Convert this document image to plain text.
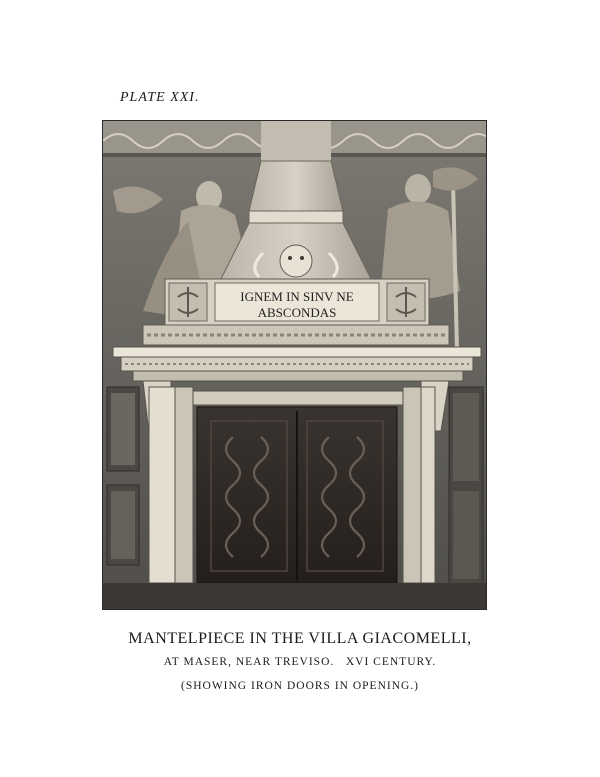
PLATE XXI.
IGNEM IN SINV NE
ABSCONDAS
MANTELPIECE IN THE VILLA GIACOMELLI,
AT MASER, NEAR TREVISO.   XVI CENTURY.
(SHOWING IRON DOORS IN OPENING.)
